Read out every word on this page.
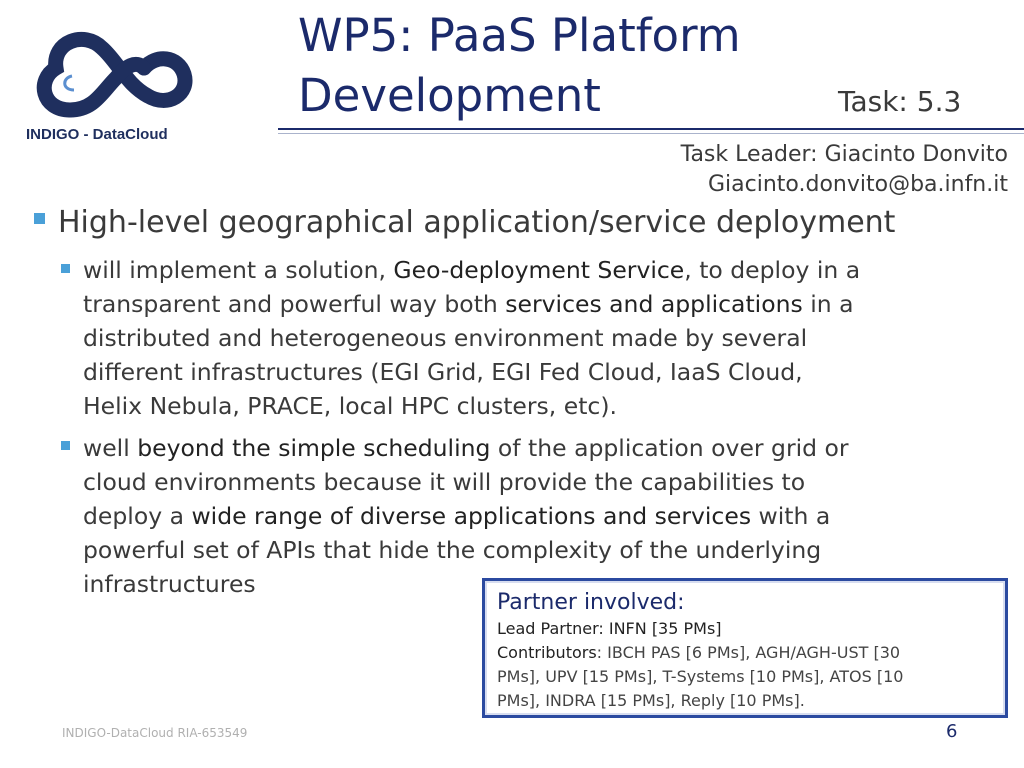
INDIGO - DataCloud
WP5: PaaS Platform
Development	Task: 5.3
Task Leader: Giacinto Donvito
Giacinto.donvito@ba.infn.it
High-level geographical application/service deployment
will implement a solution, Geo-deployment Service, to deploy in a
transparent and powerful way both services and applications in a
distributed and heterogeneous environment made by several
different infrastructures (EGI Grid, EGI Fed Cloud, IaaS Cloud,
Helix Nebula, PRACE, local HPC clusters, etc).
well beyond the simple scheduling of the application over grid or
cloud environments because it will provide the capabilities to
deploy a wide range of diverse applications and services with a
powerful set of APIs that hide the complexity of the underlying
infrastructures
Partner involved:
Lead Partner: INFN [35 PMs]
Contributors: IBCH PAS [6 PMs], AGH/AGH-UST [30
PMs], UPV [15 PMs], T-Systems [10 PMs], ATOS [10
PMs], INDRA [15 PMs], Reply [10 PMs].
INDIGO-DataCloud RIA-653549	6
